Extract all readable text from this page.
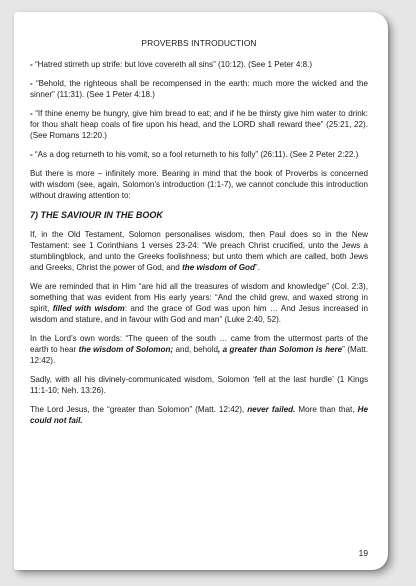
PROVERBS INTRODUCTION

- “Hatred stirreth up strife: but love covereth all sins” (10:12). (See 1 Peter 4:8.)

- “Behold, the righteous shall be recompensed in the earth: much more the wicked and the sinner” (11:31). (See 1 Peter 4:18.)

- “If thine enemy be hungry, give him bread to eat; and if he be thirsty give him water to drink: for thou shalt heap coals of fire upon his head, and the LORD shall reward thee” (25:21, 22). (See Romans 12:20.)

- “As a dog returneth to his vomit, so a fool returneth to his folly” (26:11). (See 2 Peter 2:22.)

But there is more – infinitely more. Bearing in mind that the book of Proverbs is concerned with wisdom (see, again, Solomon’s introduction (1:1-7), we cannot conclude this introduction without drawing attention to:

7) THE SAVIOUR IN THE BOOK

If, in the Old Testament, Solomon personalises wisdom, then Paul does so in the New Testament: see 1 Corinthians 1 verses 23-24: “We preach Christ crucified, unto the Jews a stumblingblock, and unto the Greeks foolishness; but unto them which are called, both Jews and Greeks, Christ the power of God, and the wisdom of God”.

We are reminded that in Him “are hid all the treasures of wisdom and knowledge” (Col. 2:3), something that was evident from His early years: “And the child grew, and waxed strong in spirit, filled with wisdom: and the grace of God was upon him … And Jesus increased in wisdom and stature, and in favour with God and man” (Luke 2:40, 52).

In the Lord’s own words: “The queen of the south … came from the uttermost parts of the earth to hear the wisdom of Solomon; and, behold, a greater than Solomon is here” (Matt. 12:42).

Sadly, with all his divinely-communicated wisdom, Solomon ‘fell at the last hurdle’ (1 Kings 11:1-10; Neh. 13:26).

The Lord Jesus, the “greater than Solomon” (Matt. 12:42), never failed. More than that, He could not fail.

19
